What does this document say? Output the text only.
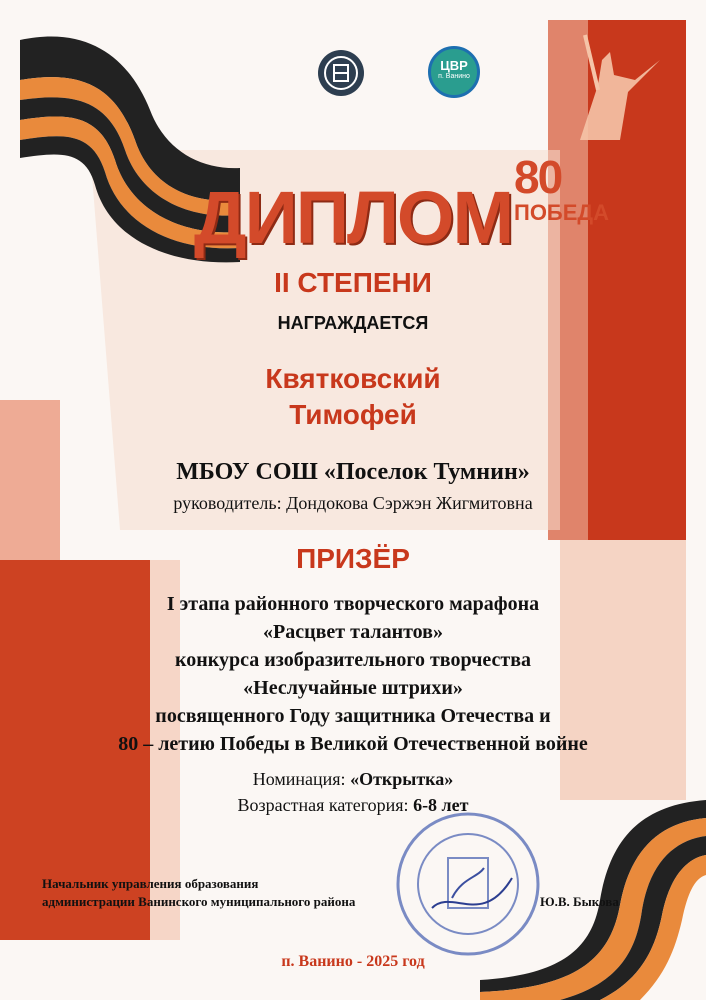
ЦВР
п. Ванино
80
ПОБЕДА
ДИПЛОМ
II СТЕПЕНИ
НАГРАЖДАЕТСЯ
Квятковский
Тимофей
МБОУ СОШ «Поселок Тумнин»
руководитель: Дондокова Сэржэн Жигмитовна
ПРИЗЁР
I этапа районного творческого марафона
«Расцвет талантов»
конкурса изобразительного творчества
«Неслучайные штрихи»
посвященного Году защитника Отечества и
80 – летию Победы в Великой Отечественной войне
Номинация: «Открытка»
Возрастная категория: 6-8 лет
Начальник управления образования
администрации Ванинского муниципального района	Ю.В. Быкова
п. Ванино - 2025 год
